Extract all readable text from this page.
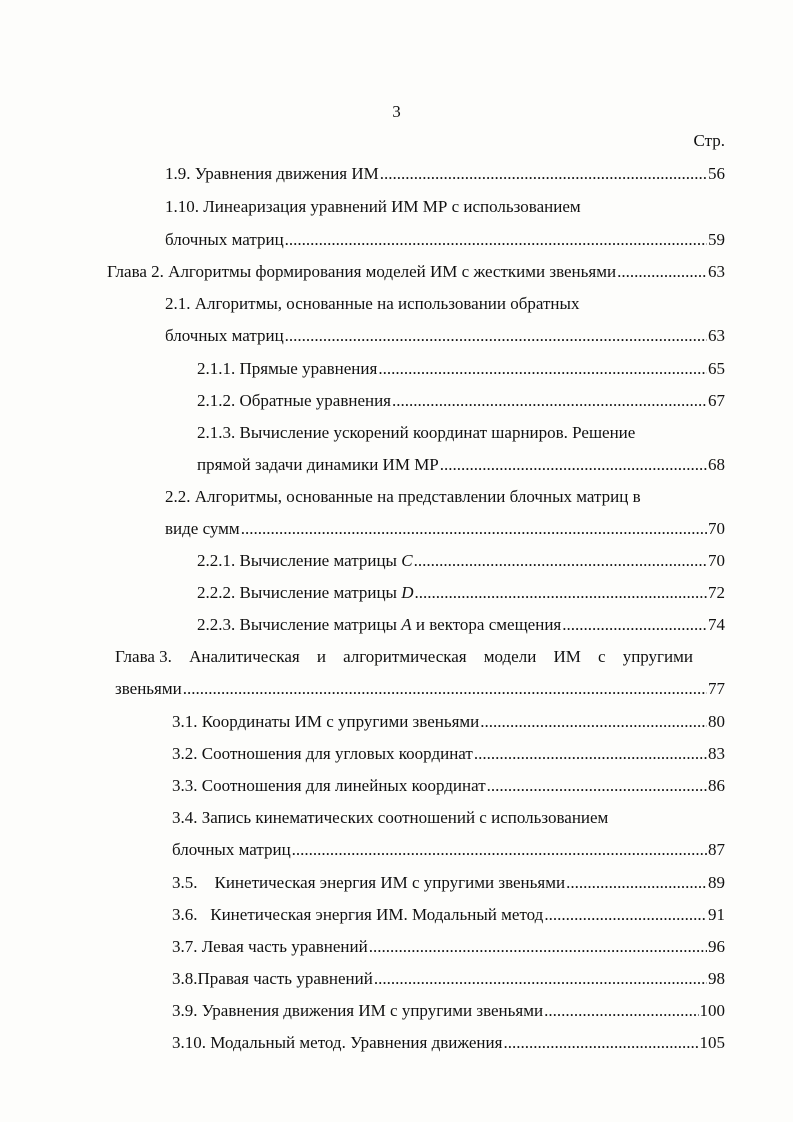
3
Стр.
1.9. Уравнения движения ИМ .....	56
1.10. Линеаризация уравнений ИМ МР с использованием
блочных матриц .....	59
Глава 2. Алгоритмы формирования моделей ИМ с жесткими звеньями .....	63
2.1. Алгоритмы, основанные на использовании обратных
блочных матриц .....	63
2.1.1. Прямые уравнения .....	65
2.1.2. Обратные уравнения .....	67
2.1.3. Вычисление ускорений координат шарниров. Решение
прямой задачи динамики ИМ МР .....	68
2.2. Алгоритмы, основанные на представлении блочных матриц в
виде сумм .....	70
2.2.1. Вычисление матрицы C .....	70
2.2.2. Вычисление матрицы D .....	72
2.2.3. Вычисление матрицы A и вектора смещения .....	74
Глава 3. Аналитическая и алгоритмическая модели ИМ с упругими
звеньями .....	77
3.1. Координаты ИМ с упругими звеньями .....	80
3.2. Соотношения для угловых координат .....	83
3.3. Соотношения для линейных координат .....	86
3.4. Запись кинематических соотношений с использованием
блочных матриц .....	87
3.5.    Кинетическая энергия ИМ с упругими звеньями .....	89
3.6.   Кинетическая энергия ИМ. Модальный метод .....	91
3.7. Левая часть уравнений .....	96
3.8.Правая часть уравнений .....	98
3.9. Уравнения движения ИМ с упругими звеньями .....	100
3.10. Модальный метод. Уравнения движения .....	105
